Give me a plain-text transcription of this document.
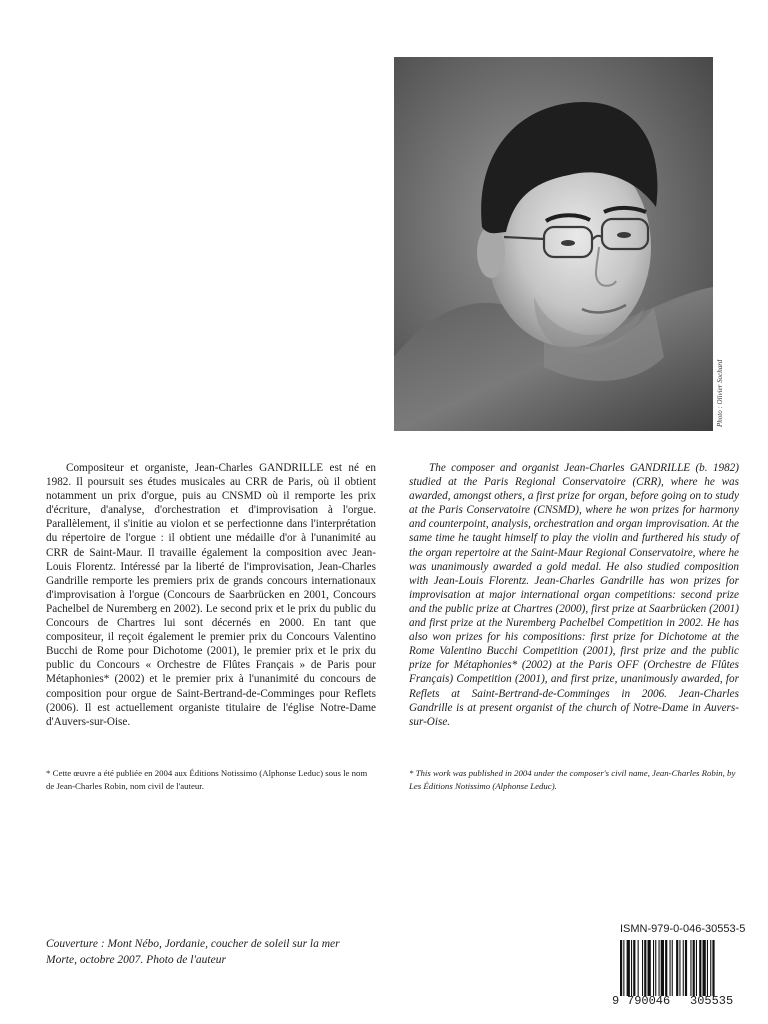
Photo : Olivier Sochard

Compositeur et organiste, Jean-Charles GANDRILLE est né en 1982. Il poursuit ses études musicales au CRR de Paris, où il obtient notamment un prix d'orgue, puis au CNSMD où il remporte les prix d'écriture, d'analyse, d'orchestration et d'improvisation à l'orgue. Parallèlement, il s'initie au violon et se perfectionne dans l'interprétation du répertoire de l'orgue : il obtient une médaille d'or à l'unanimité au CRR de Saint-Maur. Il travaille également la composition avec Jean-Louis Florentz. Intéressé par la liberté de l'improvisation, Jean-Charles Gandrille remporte les premiers prix de grands concours internationaux d'improvisation à l'orgue (Concours de Saarbrücken en 2001, Concours Pachelbel de Nuremberg en 2002). Le second prix et le prix du public du Concours de Chartres lui sont décernés en 2000. En tant que compositeur, il reçoit également le premier prix du Concours Valentino Bucchi de Rome pour Dichotome (2001), le premier prix et le prix du public du Concours « Orchestre de Flûtes Français » de Paris pour Métaphonies* (2002) et le premier prix à l'unanimité du concours de composition pour orgue de Saint-Bertrand-de-Comminges pour Reflets (2006). Il est actuellement organiste titulaire de l'église Notre-Dame d'Auvers-sur-Oise.

The composer and organist Jean-Charles GANDRILLE (b. 1982) studied at the Paris Regional Conservatoire (CRR), where he was awarded, amongst others, a first prize for organ, before going on to study at the Paris Conservatoire (CNSMD), where he won prizes for harmony and counterpoint, analysis, orchestration and organ improvisation. At the same time he taught himself to play the violin and furthered his study of the organ repertoire at the Saint-Maur Regional Conservatoire, where he was unanimously awarded a gold medal. He also studied composition with Jean-Louis Florentz. Jean-Charles Gandrille has won prizes for improvisation at major international organ competitions: second prize and the public prize at Chartres (2000), first prize at Saarbrücken (2001) and first prize at the Nuremberg Pachelbel Competition in 2002. He has also won prizes for his compositions: first prize for Dichotome at the Rome Valentino Bucchi Competition (2001), first prize and the public prize for Métaphonies* (2002) at the Paris OFF (Orchestre de Flûtes Français) Competition (2001), and first prize, unanimously awarded, for Reflets at Saint-Bertrand-de-Comminges in 2006. Jean-Charles Gandrille is at present organist of the church of Notre-Dame in Auvers-sur-Oise.

* Cette œuvre a été publiée en 2004 aux Éditions Notissimo (Alphonse Leduc) sous le nom de Jean-Charles Robin, nom civil de l'auteur.

* This work was published in 2004 under the composer's civil name, Jean-Charles Robin, by Les Éditions Notissimo (Alphonse Leduc).

Couverture : Mont Nébo, Jordanie, coucher de soleil sur la mer Morte, octobre 2007. Photo de l'auteur

ISMN-979-0-046-30553-5
9 790046 305535
